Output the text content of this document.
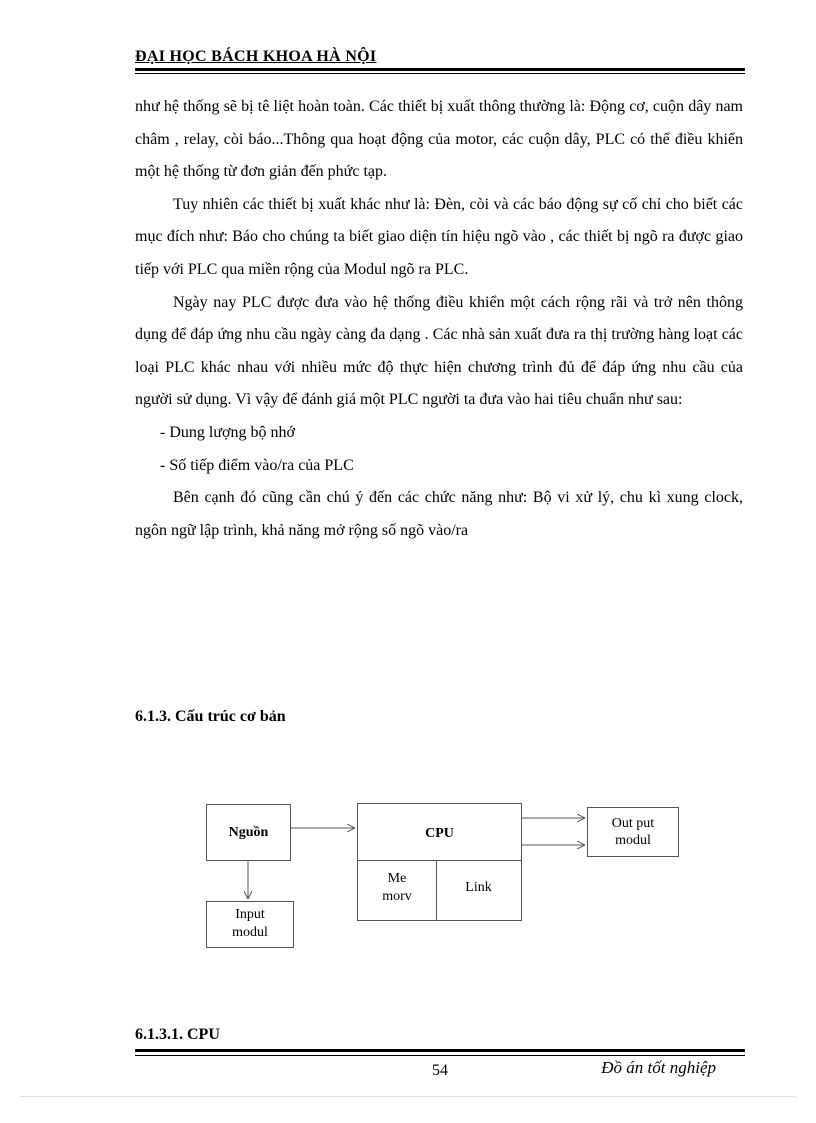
ĐẠI HỌC BÁCH KHOA HÀ NỘI

như hệ thống sẽ bị tê liệt hoàn toàn. Các thiết bị xuất thông thường là: Động cơ, cuộn dây nam châm , relay, còi báo...Thông qua hoạt động của motor, các cuộn dây, PLC có thể điều khiển một hệ thống từ đơn giản đến phức tạp.

Tuy nhiên các thiết bị xuất khác như là: Đèn, còi và các báo động sự cố chỉ cho biết các mục đích như: Báo cho chúng ta biết giao diện tín hiệu ngõ vào , các thiết bị ngõ ra được giao tiếp với PLC qua miền rộng của Modul ngõ ra PLC.

Ngày nay PLC được đưa vào hệ thống điều khiển một cách rộng rãi và trở nên thông dụng để đáp ứng nhu cầu ngày càng đa dạng . Các nhà sản xuất đưa ra thị trường hàng loạt các loại PLC khác nhau với nhiều mức độ thực hiện chương trình đủ để đáp ứng nhu cầu của người sử dụng. Vì vậy để đánh giá một PLC người ta đưa vào hai tiêu chuẩn như sau:

- Dung lượng bộ nhớ

- Số tiếp điểm vào/ra của PLC

Bên cạnh đó cũng cần chú ý đến các chức năng như: Bộ vi xử lý, chu kì xung clock, ngôn ngữ lập trình, khả năng mở rộng số ngõ vào/ra

6.1.3. Cấu trúc cơ bản
Nguồn	CPU
Me
morv
Link
Out put
modul
Input
modul
6.1.3.1. CPU
54	Đồ án tốt nghiệp
